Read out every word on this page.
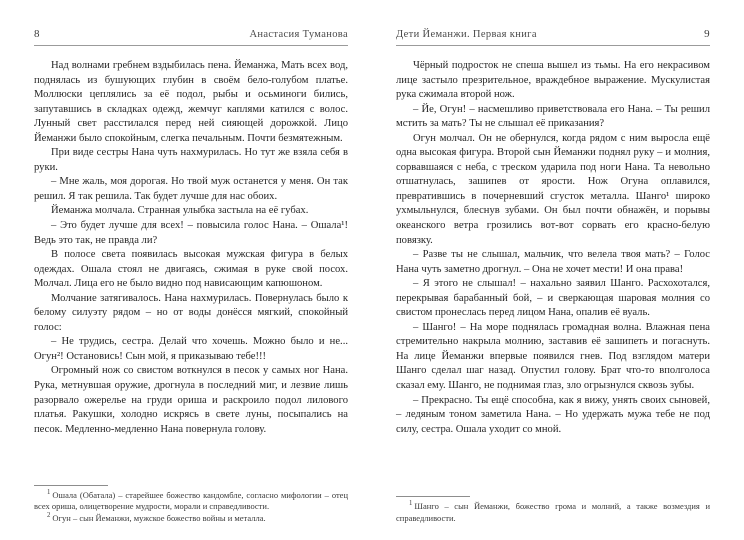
8	Анастасия Туманова

Над волнами гребнем вздыбилась пена. Йеманжа, Мать всех вод, поднялась из бушующих глубин в своём бело-голубом платье. Моллюски цеплялись за её подол, рыбы и осьминоги бились, запутавшись в складках одежд, жемчуг каплями катился с волос. Лунный свет расстилался перед ней сияющей дорожкой. Лицо Йеманжи было спокойным, слегка печальным. Почти безмятежным.

При виде сестры Нана чуть нахмурилась. Но тут же взяла себя в руки.

– Мне жаль, моя дорогая. Но твой муж останется у меня. Он так решил. Я так решила. Так будет лучше для нас обоих.

Йеманжа молчала. Странная улыбка застыла на её губах.

– Это будет лучше для всех! – повысила голос Нана. – Ошала¹! Ведь это так, не правда ли?

В полосе света появилась высокая мужская фигура в белых одеждах. Ошала стоял не двигаясь, сжимая в руке свой посох. Молчал. Лица его не было видно под нависающим капюшоном.

Молчание затягивалось. Нана нахмурилась. Повернулась было к белому силуэту рядом – но от воды донёсся мягкий, спокойный голос:

– Не трудись, сестра. Делай что хочешь. Можно было и не... Огун²! Остановись! Сын мой, я приказываю тебе!!!

Огромный нож со свистом воткнулся в песок у самых ног Нана. Рука, метнувшая оружие, дрогнула в последний миг, и лезвие лишь разорвало ожерелье на груди ориша и раскроило подол лилового платья. Ракушки, холодно искрясь в свете луны, посыпались на песок. Медленно-медленно Нана повернула голову.

$^1$ Ошала (Обатала) – старейшее божество кандомбле, согласно мифологии – отец всех ориша, олицетворение мудрости, морали и справедливости.

$^2$ Огун – сын Йеманжи, мужское божество войны и металла.

Дети Йеманжи. Первая книга	9

Чёрный подросток не спеша вышел из тьмы. На его некрасивом лице застыло презрительное, враждебное выражение. Мускулистая рука сжимала второй нож.

– Йе, Огун! – насмешливо приветствовала его Нана. – Ты решил мстить за мать? Ты не слышал её приказания?

Огун молчал. Он не обернулся, когда рядом с ним выросла ещё одна высокая фигура. Второй сын Йеманжи поднял руку – и молния, сорвавшаяся с неба, с треском ударила под ноги Нана. Та невольно отшатнулась, зашипев от ярости. Нож Огуна оплавился, превратившись в почерневший сгусток металла. Шанго¹ широко ухмыльнулся, блеснув зубами. Он был почти обнажён, и порывы океанского ветра грозились вот-вот сорвать его красно-белую повязку.

– Разве ты не слышал, мальчик, что велела твоя мать? – Голос Нана чуть заметно дрогнул. – Она не хочет мести! И она права!

– Я этого не слышал! – нахально заявил Шанго. Расхохотался, перекрывая барабанный бой, – и сверкающая шаровая молния со свистом пронеслась перед лицом Нана, опалив её вуаль.

– Шанго! – На море поднялась громадная волна. Влажная пена стремительно накрыла молнию, заставив её зашипеть и погаснуть. На лице Йеманжи впервые появился гнев. Под взглядом матери Шанго сделал шаг назад. Опустил голову. Брат что-то вполголоса сказал ему. Шанго, не поднимая глаз, зло огрызнулся сквозь зубы.

– Прекрасно. Ты ещё способна, как я вижу, унять своих сыновей, – ледяным тоном заметила Нана. – Но удержать мужа тебе не под силу, сестра. Ошала уходит со мной.

$^1$ Шанго – сын Йеманжи, божество грома и молний, а также возмездия и справедливости.
